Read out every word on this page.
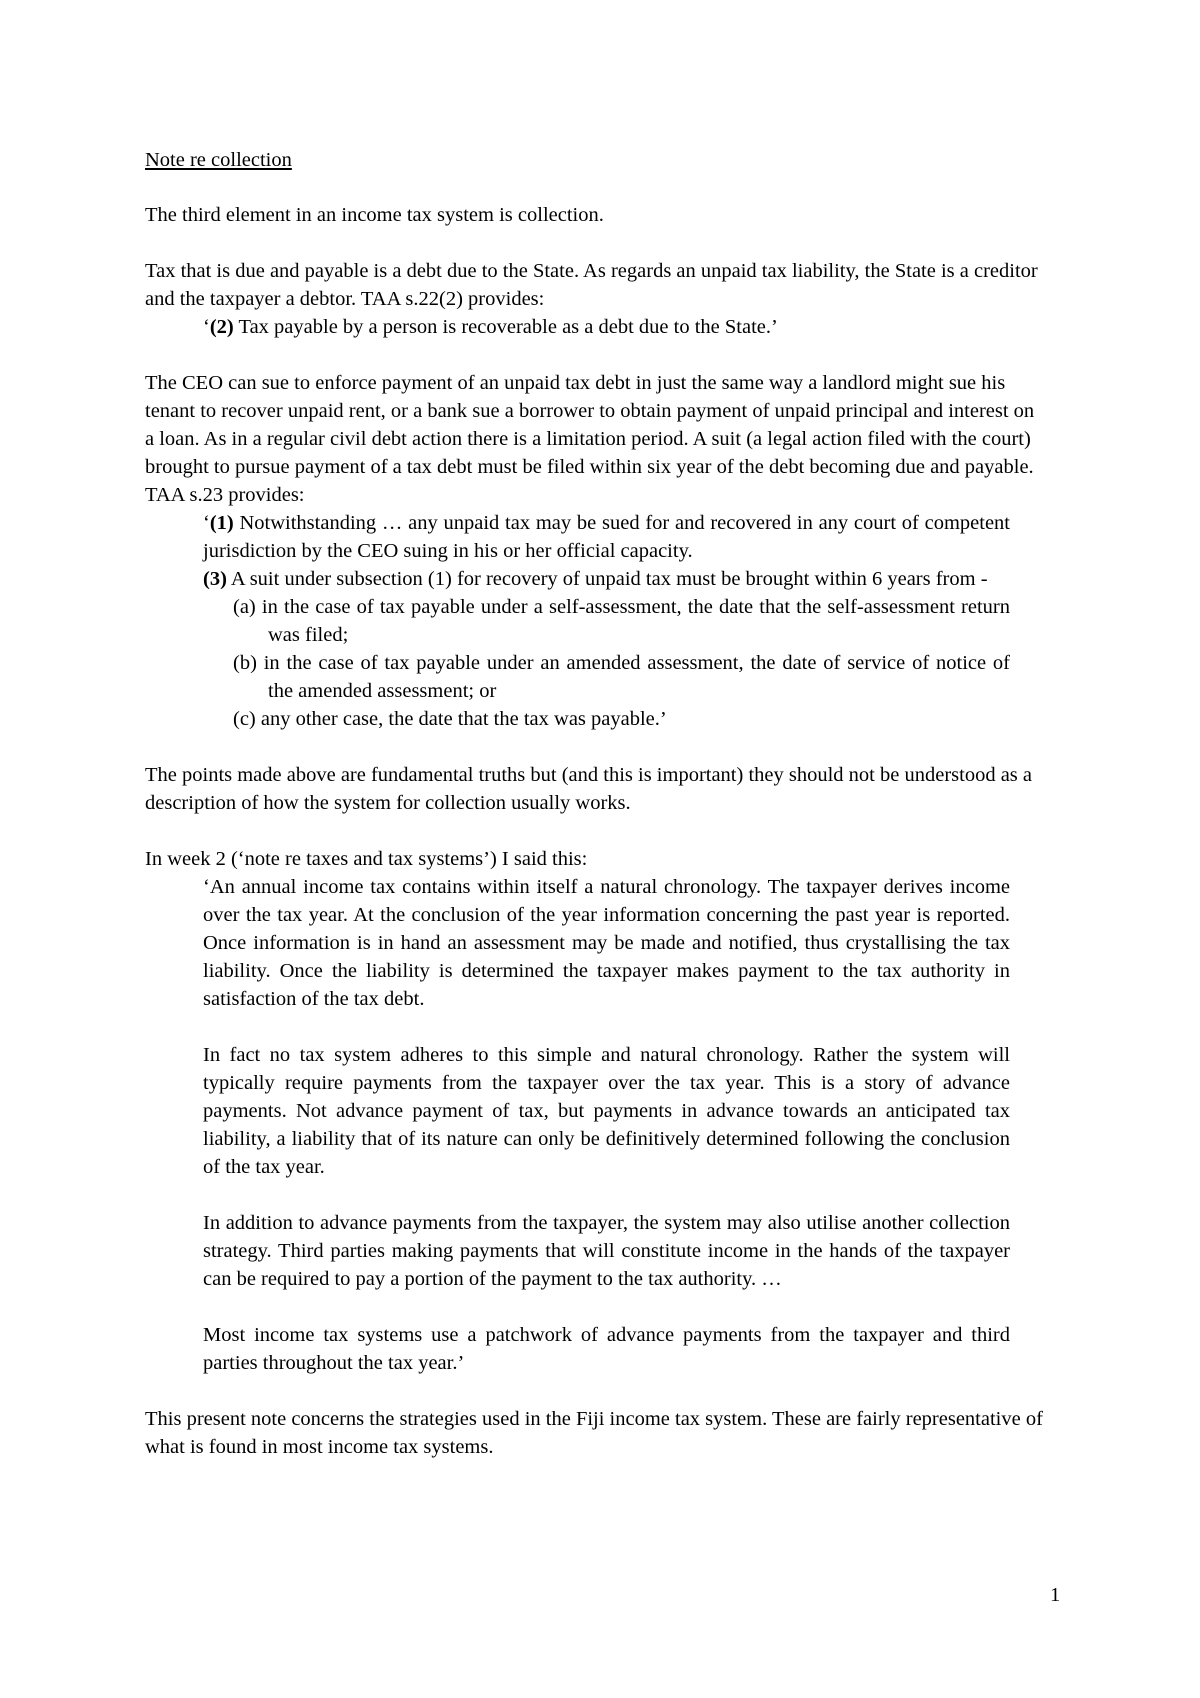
Note re collection

The third element in an income tax system is collection.

Tax that is due and payable is a debt due to the State. As regards an unpaid tax liability, the State is a creditor and the taxpayer a debtor. TAA s.22(2) provides:

‘(2) Tax payable by a person is recoverable as a debt due to the State.’

The CEO can sue to enforce payment of an unpaid tax debt in just the same way a landlord might sue his tenant to recover unpaid rent, or a bank sue a borrower to obtain payment of unpaid principal and interest on a loan. As in a regular civil debt action there is a limitation period. A suit (a legal action filed with the court) brought to pursue payment of a tax debt must be filed within six year of the debt becoming due and payable. TAA s.23 provides:

‘(1) Notwithstanding … any unpaid tax may be sued for and recovered in any court of competent jurisdiction by the CEO suing in his or her official capacity.

(3) A suit under subsection (1) for recovery of unpaid tax must be brought within 6 years from -

(a) in the case of tax payable under a self-assessment, the date that the self-assessment return was filed;

(b) in the case of tax payable under an amended assessment, the date of service of notice of the amended assessment; or

(c) any other case, the date that the tax was payable.’

The points made above are fundamental truths but (and this is important) they should not be understood as a description of how the system for collection usually works.

In week 2 (‘note re taxes and tax systems’) I said this:

‘An annual income tax contains within itself a natural chronology. The taxpayer derives income over the tax year. At the conclusion of the year information concerning the past year is reported. Once information is in hand an assessment may be made and notified, thus crystallising the tax liability. Once the liability is determined the taxpayer makes payment to the tax authority in satisfaction of the tax debt.

In fact no tax system adheres to this simple and natural chronology. Rather the system will typically require payments from the taxpayer over the tax year. This is a story of advance payments. Not advance payment of tax, but payments in advance towards an anticipated tax liability, a liability that of its nature can only be definitively determined following the conclusion of the tax year.

In addition to advance payments from the taxpayer, the system may also utilise another collection strategy. Third parties making payments that will constitute income in the hands of the taxpayer can be required to pay a portion of the payment to the tax authority. …

Most income tax systems use a patchwork of advance payments from the taxpayer and third parties throughout the tax year.’

This present note concerns the strategies used in the Fiji income tax system. These are fairly representative of what is found in most income tax systems.

1
